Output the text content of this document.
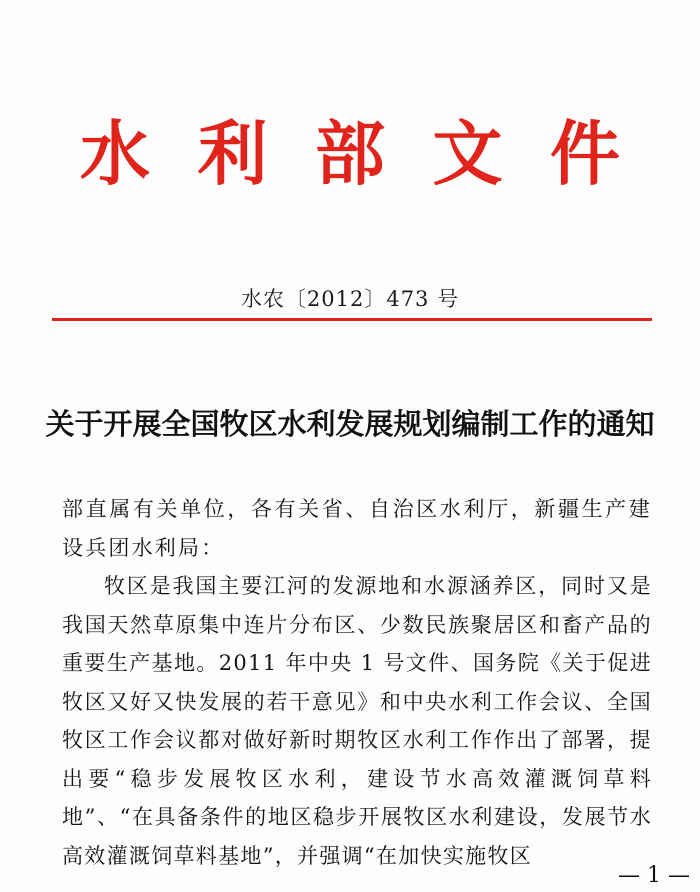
水 利 部 文 件
水农〔2012〕473 号
关于开展全国牧区水利发展规划编制工作的通知

部直属有关单位，各有关省、自治区水利厅，新疆生产建设兵团水利局：

牧区是我国主要江河的发源地和水源涵养区，同时又是我国天然草原集中连片分布区、少数民族聚居区和畜产品的重要生产基地。2011 年中央 1 号文件、国务院《关于促进牧区又好又快发展的若干意见》和中央水利工作会议、全国牧区工作会议都对做好新时期牧区水利工作作出了部署，提出要“稳步发展牧区水利，建设节水高效灌溉饲草料地”、“在具备条件的地区稳步开展牧区水利建设，发展节水高效灌溉饲草料基地”，并强调“在加快实施牧区

— 1 —
